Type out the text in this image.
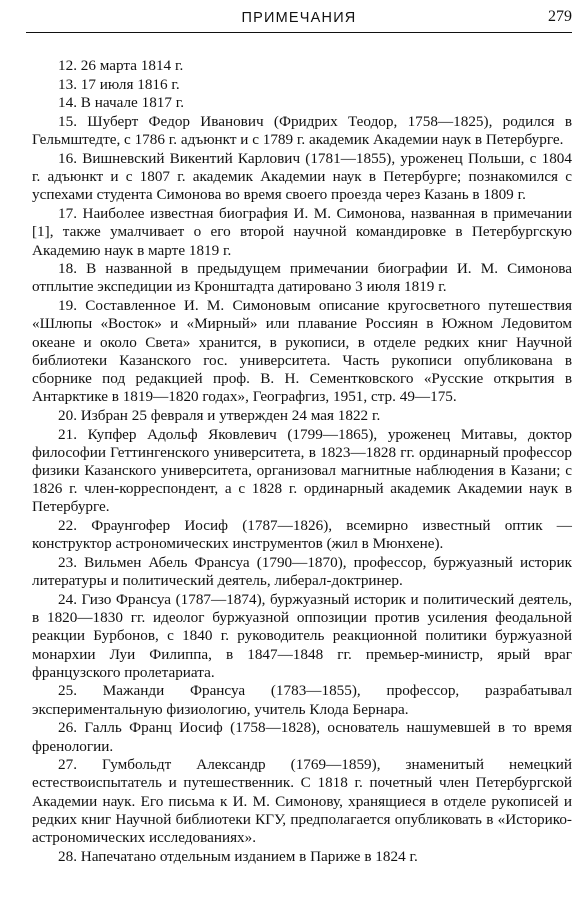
ПРИМЕЧАНИЯ	279

12. 26 марта 1814 г.

13. 17 июля 1816 г.

14. В начале 1817 г.

15. Шуберт Федор Иванович (Фридрих Теодор, 1758—1825), родился в Гельмштедте, с 1786 г. адъюнкт и с 1789 г. академик Академии наук в Петербурге.

16. Вишневский Викентий Карлович (1781—1855), уроженец Польши, с 1804 г. адъюнкт и с 1807 г. академик Академии наук в Петербурге; познакомился с успехами студента Симонова во время своего проезда через Казань в 1809 г.

17. Наиболее известная биография И. М. Симонова, названная в примечании [1], также умалчивает о его второй научной командировке в Петербургскую Академию наук в марте 1819 г.

18. В названной в предыдущем примечании биографии И. М. Симонова отплытие экспедиции из Кронштадта датировано 3 июля 1819 г.

19. Составленное И. М. Симоновым описание кругосветного путешествия «Шлюпы «Восток» и «Мирный» или плавание Россиян в Южном Ледовитом океане и около Света» хранится, в рукописи, в отделе редких книг Научной библиотеки Казанского гос. университета. Часть рукописи опубликована в сборнике под редакцией проф. В. Н. Сементковского «Русские открытия в Антарктике в 1819—1820 годах», Географгиз, 1951, стр. 49—175.

20. Избран 25 февраля и утвержден 24 мая 1822 г.

21. Купфер Адольф Яковлевич (1799—1865), уроженец Митавы, доктор философии Геттингенского университета, в 1823—1828 гг. ординарный профессор физики Казанского университета, организовал магнитные наблюдения в Казани; с 1826 г. член-корреспондент, а с 1828 г. ординарный академик Академии наук в Петербурге.

22. Фраунгофер Иосиф (1787—1826), всемирно известный оптик — конструктор астрономических инструментов (жил в Мюнхене).

23. Вильмен Абель Франсуа (1790—1870), профессор, буржуазный историк литературы и политический деятель, либерал-доктринер.

24. Гизо Франсуа (1787—1874), буржуазный историк и политический деятель, в 1820—1830 гг. идеолог буржуазной оппозиции против усиления феодальной реакции Бурбонов, с 1840 г. руководитель реакционной политики буржуазной монархии Луи Филиппа, в 1847—1848 гг. премьер-министр, ярый враг французского пролетариата.

25. Мажанди Франсуа (1783—1855), профессор, разрабатывал экспериментальную физиологию, учитель Клода Бернара.

26. Галль Франц Иосиф (1758—1828), основатель нашумевшей в то время френологии.

27. Гумбольдт Александр (1769—1859), знаменитый немецкий естествоиспытатель и путешественник. С 1818 г. почетный член Петербургской Академии наук. Его письма к И. М. Симонову, хранящиеся в отделе рукописей и редких книг Научной библиотеки КГУ, предполагается опубликовать в «Историко-астрономических исследованиях».

28. Напечатано отдельным изданием в Париже в 1824 г.
